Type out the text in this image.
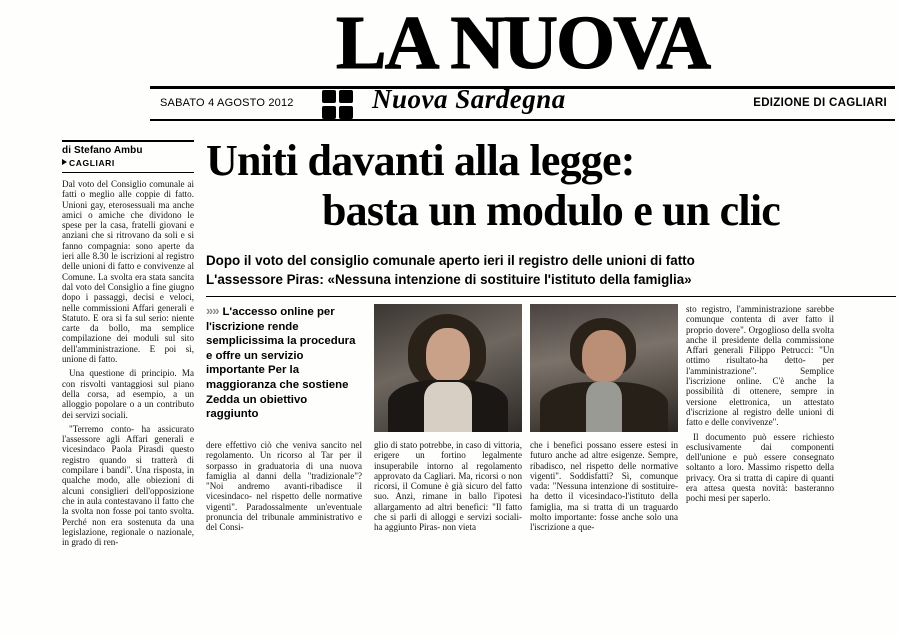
LA NUOVA
SABATO 4 AGOSTO 2012	Nuova Sardegna	EDIZIONE DI CAGLIARI
di Stefano Ambu
CAGLIARI

Dal voto del Consiglio comunale ai fatti o meglio alle coppie di fatto. Unioni gay, eterosessuali ma anche amici o amiche che dividono le spese per la casa, fratelli giovani e anziani che si ritrovano da soli e si fanno compagnia: sono aperte da ieri alle 8.30 le iscrizioni al registro delle unioni di fatto e convivenze al Comune. La svolta era stata sancita dal voto del Consiglio a fine giugno dopo i passaggi, decisi e veloci, nelle commissioni Affari generali e Statuto. E ora si fa sul serio: niente carte da bollo, ma semplice compilazione dei moduli sul sito dell'amministrazione. E poi sì, unione di fatto.

Una questione di principio. Ma con risvolti vantaggiosi sul piano della corsa, ad esempio, a un alloggio popolare o a un contributo dei servizi sociali.

"Terremo conto- ha assicurato l'assessore agli Affari generali e vicesindaco Paola Pirasdi questo registro quando si tratterà di compilare i bandi". Una risposta, in qualche modo, alle obiezioni di alcuni consiglieri dell'opposizione che in aula contestavano il fatto che la svolta non fosse poi tanto svolta. Perché non era sostenuta da una legislazione, regionale o nazionale, in grado di ren-

Uniti davanti alla legge:
basta un modulo e un clic
Dopo il voto del consiglio comunale aperto ieri il registro delle unioni di fatto
L'assessore Piras: «Nessuna intenzione di sostituire l'istituto della famiglia»
»» L'accesso online per l'iscrizione rende semplicissima la procedura e offre un servizio importante Per la maggioranza che sostiene Zedda un obiettivo raggiunto

dere effettivo ciò che veniva sancito nel regolamento. Un ricorso al Tar per il sorpasso in graduatoria di una nuova famiglia al danni della "tradizionale"? "Noi andremo avanti-ribadisce il vicesindaco- nel rispetto delle normative vigenti". Paradossalmente un'eventuale pronuncia del tribunale amministrativo e del Consi-

glio di stato potrebbe, in caso di vittoria, erigere un fortino legalmente insuperabile intorno al regolamento approvato da Cagliari. Ma, ricorsi o non ricorsi, il Comune è già sicuro del fatto suo. Anzi, rimane in ballo l'ipotesi allargamento ad altri benefici: "Il fatto che si parli di alloggi e servizi sociali- ha aggiunto Piras- non vieta

che i benefici possano essere estesi in futuro anche ad altre esigenze. Sempre, ribadisco, nel rispetto delle normative vigenti". Soddisfatti? Sì, comunque vada: "Nessuna intenzione di sostituire- ha detto il vicesindaco-l'istituto della famiglia, ma si tratta di un traguardo molto importante: fosse anche solo una l'iscrizione a que-

sto registro, l'amministrazione sarebbe comunque contenta di aver fatto il proprio dovere". Orgoglioso della svolta anche il presidente della commissione Affari generali Filippo Petrucci: "Un ottimo risultato-ha detto- per l'amministrazione". Semplice l'iscrizione online. C'è anche la possibilità di ottenere, sempre in versione elettronica, un attestato d'iscrizione al registro delle unioni di fatto e delle convivenze".

Il documento può essere richiesto esclusivamente dai componenti dell'unione e può essere consegnato soltanto a loro. Massimo rispetto della privacy. Ora si tratta di capire di quanti era attesa questa novità: basteranno pochi mesi per saperlo.
